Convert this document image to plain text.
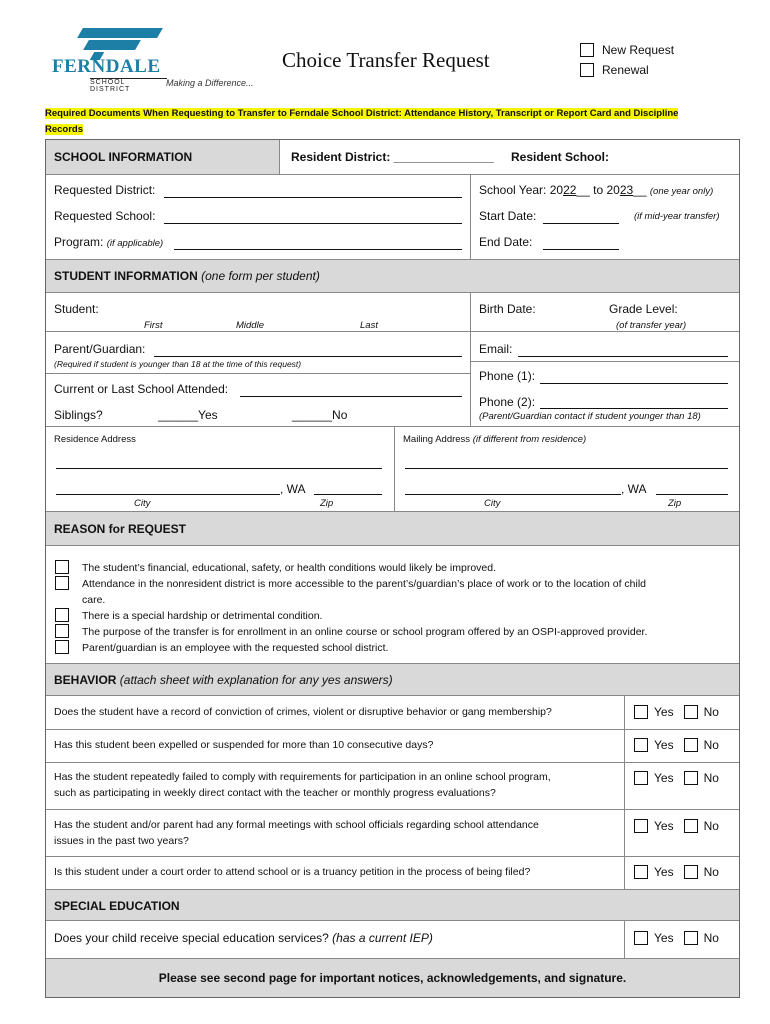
FERNDALE
SCHOOL DISTRICT
Making a Difference...
Choice Transfer Request	New Request
Renewal
Required Documents When Requesting to Transfer to Ferndale School District: Attendance History, Transcript or Report Card and Discipline Records
SCHOOL INFORMATION	Resident District: _______________ Resident School:
Requested District:
Requested School:
Program: (if applicable)
School Year: 2022__ to 2023__ (one year only)
Start Date:	(if mid-year transfer)
End Date:
STUDENT INFORMATION (one form per student)
Student:
First	Middle	Last
Birth Date:	Grade Level:
(of transfer year)
Parent/Guardian:
(Required if student is younger than 18 at the time of this request)
Current or Last School Attended:
Siblings?	______Yes	______No
Email:
Phone (1):
Phone (2):
(Parent/Guardian contact if student younger than 18)
Residence Address
, WA
City	Zip
Mailing Address (if different from residence)
, WA
City	Zip
REASON for REQUEST
The student’s financial, educational, safety, or health conditions would likely be improved.
Attendance in the nonresident district is more accessible to the parent’s/guardian’s place of work or to the location of child
care.
There is a special hardship or detrimental condition.
The purpose of the transfer is for enrollment in an online course or school program offered by an OSPI-approved provider.
Parent/guardian is an employee with the requested school district.
BEHAVIOR (attach sheet with explanation for any yes answers)
Does the student have a record of conviction of crimes, violent or disruptive behavior or gang membership?	Yes	No
Has this student been expelled or suspended for more than 10 consecutive days?	Yes	No
Has the student repeatedly failed to comply with requirements for participation in an online school program,
such as participating in weekly direct contact with the teacher or monthly progress evaluations?
Yes	No
Has the student and/or parent had any formal meetings with school officials regarding school attendance
issues in the past two years?
Yes	No
Is this student under a court order to attend school or is a truancy petition in the process of being filed?	Yes	No
SPECIAL EDUCATION
Does your child receive special education services? (has a current IEP)	Yes	No
Please see second page for important notices, acknowledgements, and signature.
